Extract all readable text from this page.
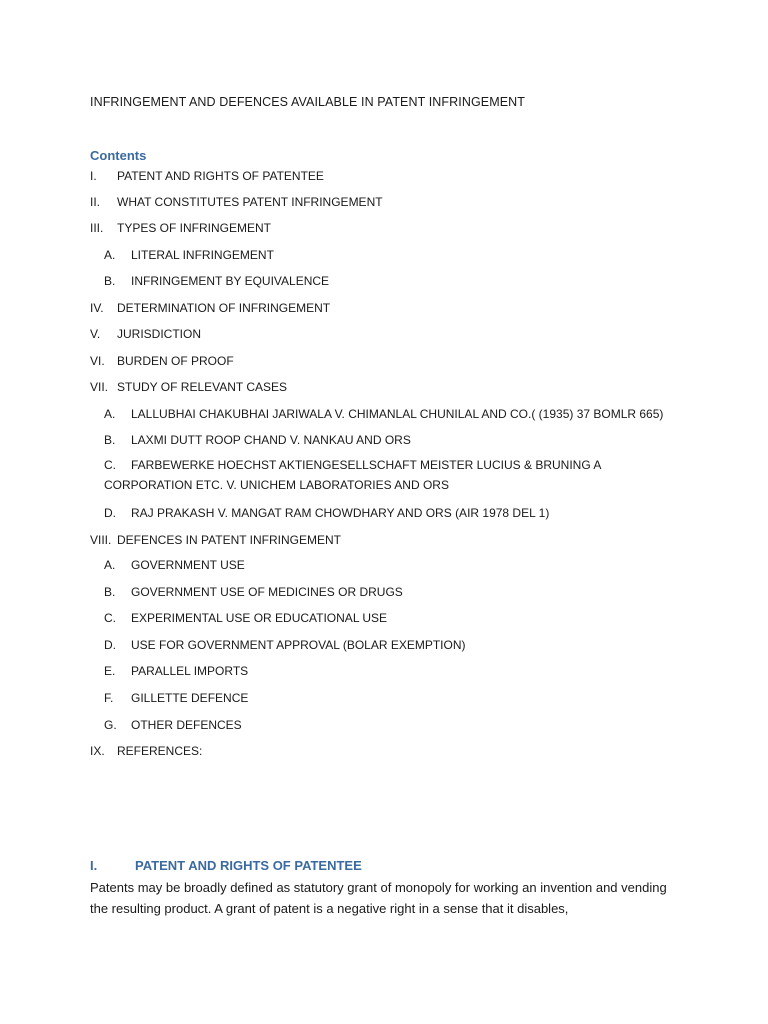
INFRINGEMENT AND DEFENCES AVAILABLE IN PATENT INFRINGEMENT
Contents
I. PATENT AND RIGHTS OF PATENTEE
II. WHAT CONSTITUTES PATENT INFRINGEMENT
III. TYPES OF INFRINGEMENT
A. LITERAL INFRINGEMENT
B. INFRINGEMENT BY EQUIVALENCE
IV. DETERMINATION OF INFRINGEMENT
V. JURISDICTION
VI. BURDEN OF PROOF
VII. STUDY OF RELEVANT CASES
A. LALLUBHAI CHAKUBHAI JARIWALA V. CHIMANLAL CHUNILAL AND CO.( (1935) 37 BOMLR 665)
B. LAXMI DUTT ROOP CHAND V. NANKAU AND ORS
C. FARBEWERKE HOECHST AKTIENGESELLSCHAFT MEISTER LUCIUS & BRUNING A CORPORATION ETC. V. UNICHEM LABORATORIES AND ORS
D. RAJ PRAKASH V. MANGAT RAM CHOWDHARY AND ORS (AIR 1978 DEL 1)
VIII. DEFENCES IN PATENT INFRINGEMENT
A. GOVERNMENT USE
B. GOVERNMENT USE OF MEDICINES OR DRUGS
C. EXPERIMENTAL USE OR EDUCATIONAL USE
D. USE FOR GOVERNMENT APPROVAL (BOLAR EXEMPTION)
E. PARALLEL IMPORTS
F. GILLETTE DEFENCE
G. OTHER DEFENCES
IX. REFERENCES:
I.	PATENT AND RIGHTS OF PATENTEE

Patents may be broadly defined as statutory grant of monopoly for working an invention and vending the resulting product. A grant of patent is a negative right in a sense that it disables,
